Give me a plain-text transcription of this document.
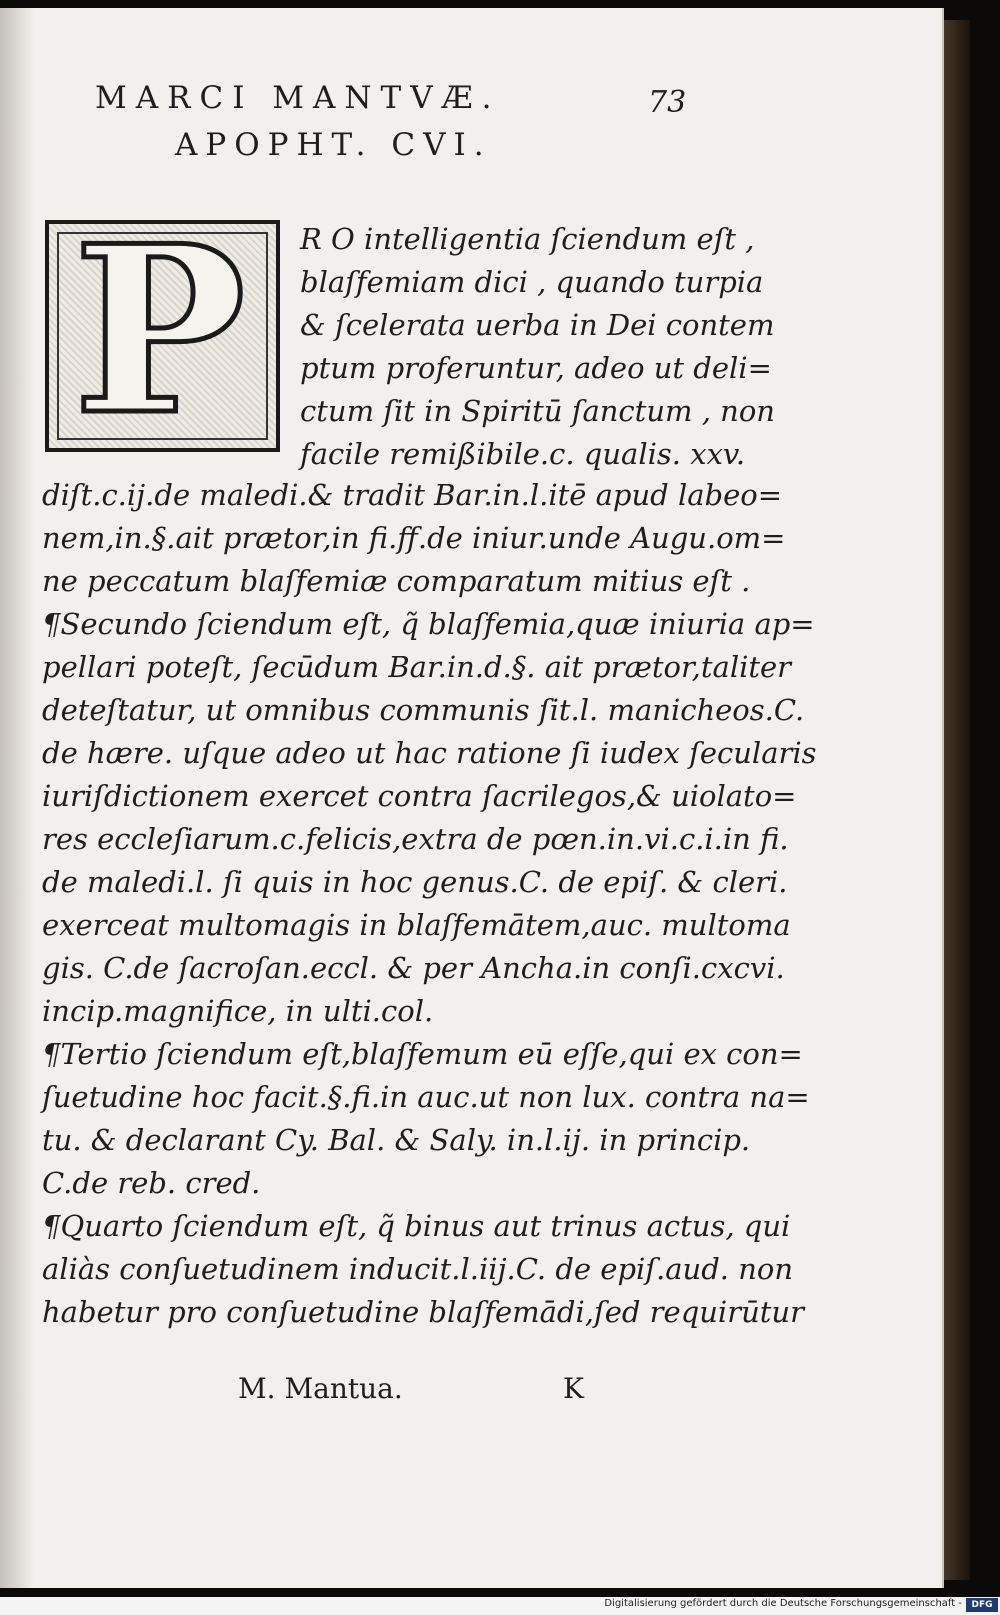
MARCI MANTVÆ.	73
APOPHT. CVI.
P R O intelligentia ſciendum eſt ,
blaſfemiam dici , quando turpia
& ſcelerata uerba in Dei contem
ptum proferuntur, adeo ut deli=
ctum ſit in Spiritū ſanctum , non
facile remißibile.c. qualis. xxv.
diſt.c.ij.de maledi.& tradit Bar.in.l.itē apud labeo=
nem,in.§.ait prætor,in fi.ff.de iniur.unde Augu.om=
ne peccatum blaſfemiæ comparatum mitius eſt .
¶Secundo ſciendum eſt, q̃ blaſfemia,quæ iniuria ap=
pellari poteſt, ſecūdum Bar.in.d.§. ait prætor,taliter
deteſtatur, ut omnibus communis ſit.l. manicheos.C.
de hære. uſque adeo ut hac ratione ſi iudex ſecularis
iuriſdictionem exercet contra ſacrilegos,& uiolato=
res eccleſiarum.c.felicis,extra de pœn.in.vi.c.i.in fi.
de maledi.l. ſi quis in hoc genus.C. de epiſ. & cleri.
exerceat multomagis in blaſfemātem,auc. multoma
gis. C.de ſacroſan.eccl. & per Ancha.in conſi.cxcvi.
incip.magnifice, in ulti.col.
¶Tertio ſciendum eſt,blaſfemum eū eſſe,qui ex con=
ſuetudine hoc facit.§.fi.in auc.ut non lux. contra na=
tu. & declarant Cy. Bal. & Saly. in.l.ij. in princip.
C.de reb. cred.
¶Quarto ſciendum eſt, q̃ binus aut trinus actus, qui
aliàs conſuetudinem inducit.l.iij.C. de epiſ.aud. non
habetur pro conſuetudine blaſfemādi,ſed requirūtur
M. Mantua.	K
Digitalisierung gefördert durch die Deutsche Forschungsgemeinschaft -	DFG
